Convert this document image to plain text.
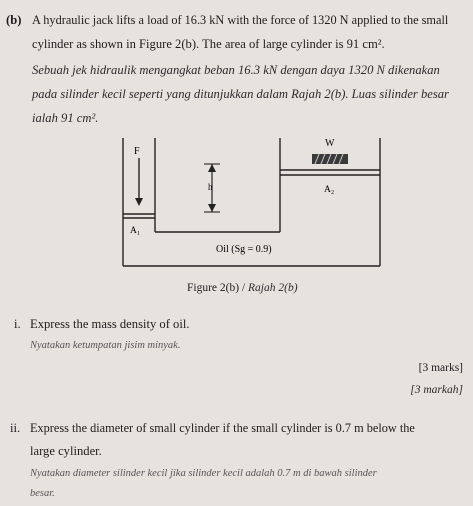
(b) A hydraulic jack lifts a load of 16.3 kN with the force of 1320 N applied to the small
cylinder as shown in Figure 2(b). The area of large cylinder is 91 cm².
Sebuah jek hidraulik mengangkat beban 16.3 kN dengan daya 1320 N dikenakan
pada silinder kecil seperti yang ditunjukkan dalam Rajah 2(b). Luas silinder besar
ialah 91 cm².
F
W
h
A₁
A₂
Oil (Sg = 0.9)
Figure 2(b) / Rajah 2(b)
i. Express the mass density of oil.
Nyatakan ketumpatan jisim minyak.
[3 marks]
[3 markah]
ii. Express the diameter of small cylinder if the small cylinder is 0.7 m below the
large cylinder.
Nyatakan diameter silinder kecil jika silinder kecil adalah 0.7 m di bawah silinder
besar.
